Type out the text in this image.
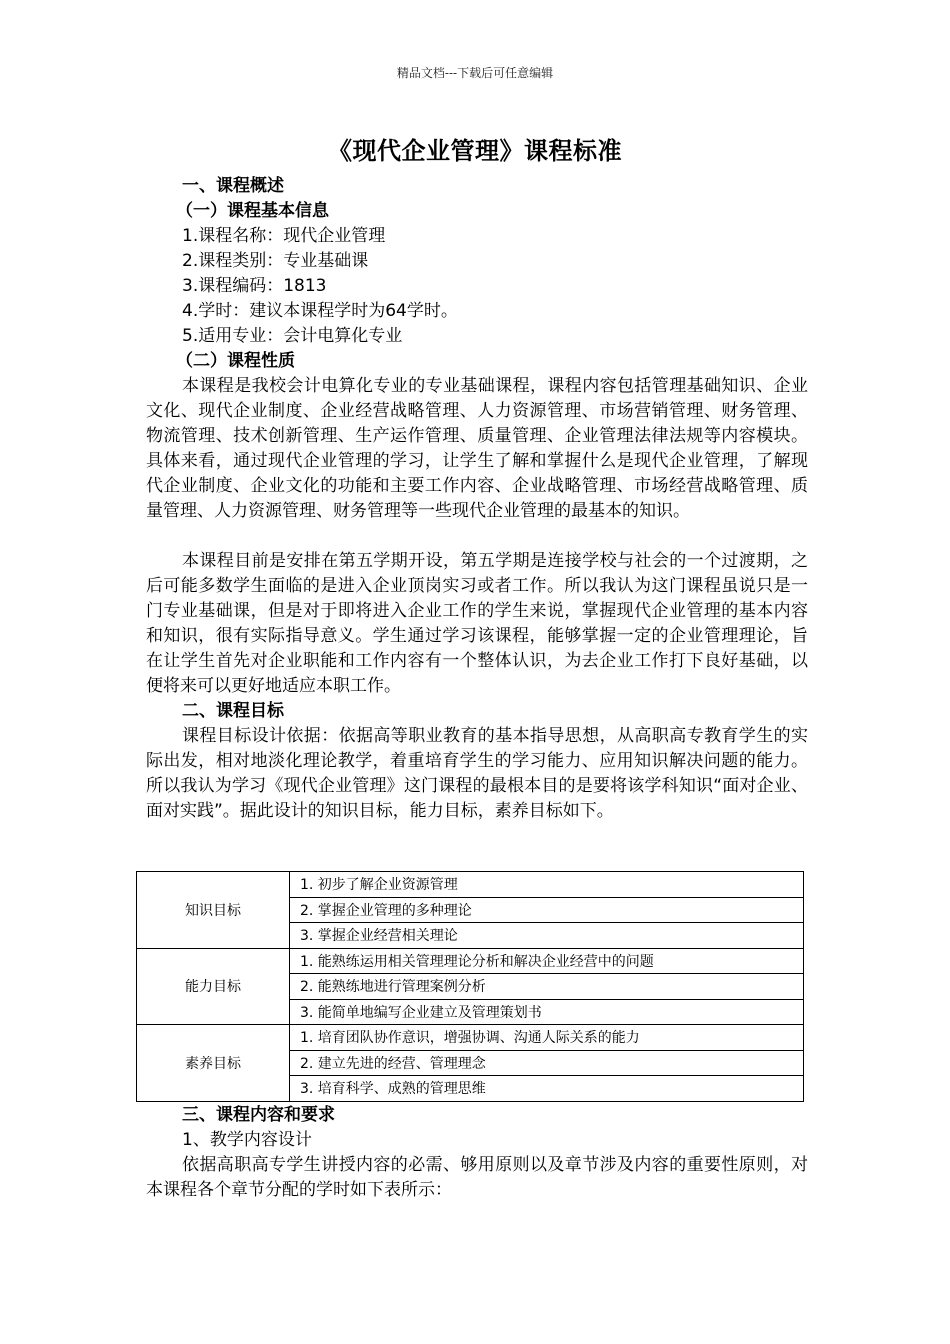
精品文档---下载后可任意编辑
《现代企业管理》课程标准
一、课程概述
（一）课程基本信息
1.课程名称：现代企业管理
2.课程类别：专业基础课
3.课程编码：1813
4.学时：建议本课程学时为64学时。
5.适用专业：会计电算化专业
（二）课程性质
本课程是我校会计电算化专业的专业基础课程，课程内容包括管理基础知识、企业文化、现代企业制度、企业经营战略管理、人力资源管理、市场营销管理、财务管理、物流管理、技术创新管理、生产运作管理、质量管理、企业管理法律法规等内容模块。具体来看，通过现代企业管理的学习，让学生了解和掌握什么是现代企业管理，了解现代企业制度、企业文化的功能和主要工作内容、企业战略管理、市场经营战略管理、质量管理、人力资源管理、财务管理等一些现代企业管理的最基本的知识。
本课程目前是安排在第五学期开设，第五学期是连接学校与社会的一个过渡期，之后可能多数学生面临的是进入企业顶岗实习或者工作。所以我认为这门课程虽说只是一门专业基础课，但是对于即将进入企业工作的学生来说，掌握现代企业管理的基本内容和知识，很有实际指导意义。学生通过学习该课程，能够掌握一定的企业管理理论，旨在让学生首先对企业职能和工作内容有一个整体认识，为去企业工作打下良好基础，以便将来可以更好地适应本职工作。
二、课程目标
课程目标设计依据：依据高等职业教育的基本指导思想，从高职高专教育学生的实际出发，相对地淡化理论教学，着重培育学生的学习能力、应用知识解决问题的能力。所以我认为学习《现代企业管理》这门课程的最根本目的是要将该学科知识“面对企业、面对实践”。据此设计的知识目标，能力目标，素养目标如下。
知识目标	1. 初步了解企业资源管理
	2. 掌握企业管理的多种理论
	3. 掌握企业经营相关理论
能力目标	1. 能熟练运用相关管理理论分析和解决企业经营中的问题
	2. 能熟练地进行管理案例分析
	3. 能简单地编写企业建立及管理策划书
素养目标	1. 培育团队协作意识，增强协调、沟通人际关系的能力
	2. 建立先进的经营、管理理念
	3. 培育科学、成熟的管理思维
三、课程内容和要求
1、教学内容设计
依据高职高专学生讲授内容的必需、够用原则以及章节涉及内容的重要性原则，对本课程各个章节分配的学时如下表所示：
